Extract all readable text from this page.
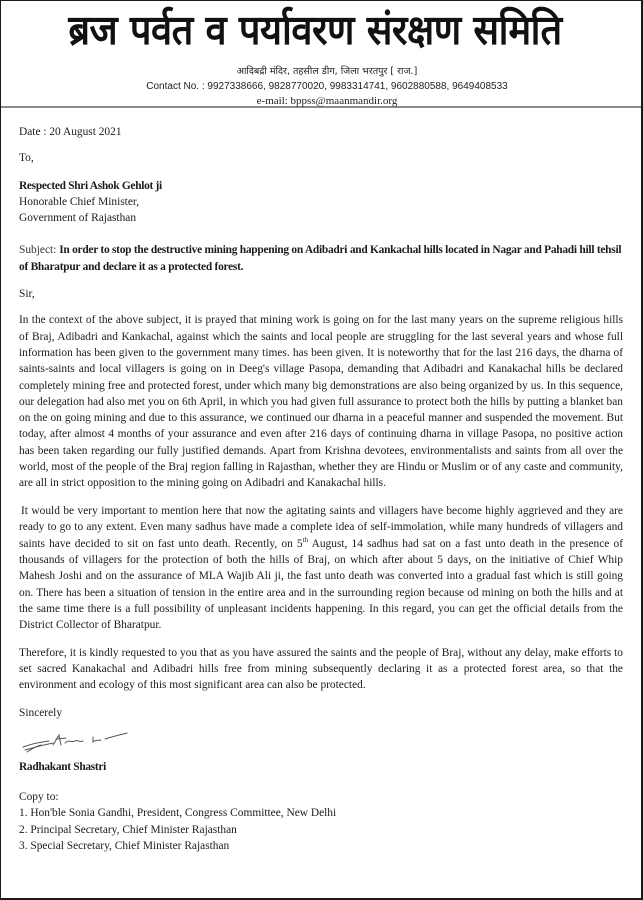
ब्रज पर्वत व पर्यावरण संरक्षण समिति
आदिबद्री मंदिर, तहसील डीग, जिला भरतपुर [ राज.]
Contact No. : 9927338666, 9828770020, 9983314741, 9602880588, 9649408533
e-mail: bppss@maanmandir.org
Date : 20 August 2021
To,
Respected Shri Ashok Gehlot ji
Honorable Chief Minister,
Government of Rajasthan
Subject: In order to stop the destructive mining happening on Adibadri and Kankachal hills located in Nagar and Pahadi hill tehsil of Bharatpur and declare it as a protected forest.
Sir,

In the context of the above subject, it is prayed that mining work is going on for the last many years on the supreme religious hills of Braj, Adibadri and Kankachal, against which the saints and local people are struggling for the last several years and whose full information has been given to the government many times. has been given. It is noteworthy that for the last 216 days, the dharna of saints-saints and local villagers is going on in Deeg's village Pasopa, demanding that Adibadri and Kanakachal hills be declared completely mining free and protected forest, under which many big demonstrations are also being organized by us. In this sequence, our delegation had also met you on 6th April, in which you had given full assurance to protect both the hills by putting a blanket ban on the on going mining and due to this assurance, we continued our dharna in a peaceful manner and suspended the movement. But today, after almost 4 months of your assurance and even after 216 days of continuing dharna in village Pasopa, no positive action has been taken regarding our fully justified demands. Apart from Krishna devotees, environmentalists and saints from all over the world, most of the people of the Braj region falling in Rajasthan, whether they are Hindu or Muslim or of any caste and community, are all in strict opposition to the mining going on Adibadri and Kanakachal hills.

It would be very important to mention here that now the agitating saints and villagers have become highly aggrieved and they are ready to go to any extent. Even many sadhus have made a complete idea of self-immolation, while many hundreds of villagers and saints have decided to sit on fast unto death. Recently, on 5th August, 14 sadhus had sat on a fast unto death in the presence of thousands of villagers for the protection of both the hills of Braj, on which after about 5 days, on the initiative of Chief Whip Mahesh Joshi and on the assurance of MLA Wajib Ali ji, the fast unto death was converted into a gradual fast which is still going on. There has been a situation of tension in the entire area and in the surrounding region because od mining on both the hills and at the same time there is a full possibility of unpleasant incidents happening. In this regard, you can get the official details from the District Collector of Bharatpur.

Therefore, it is kindly requested to you that as you have assured the saints and the people of Braj, without any delay, make efforts to set sacred Kanakachal and Adibadri hills free from mining subsequently declaring it as a protected forest area, so that the environment and ecology of this most significant area can also be protected.

Sincerely
Radhakant Shastri
Copy to:
1. Hon'ble Sonia Gandhi, President, Congress Committee, New Delhi
2. Principal Secretary, Chief Minister Rajasthan
3. Special Secretary, Chief Minister Rajasthan
